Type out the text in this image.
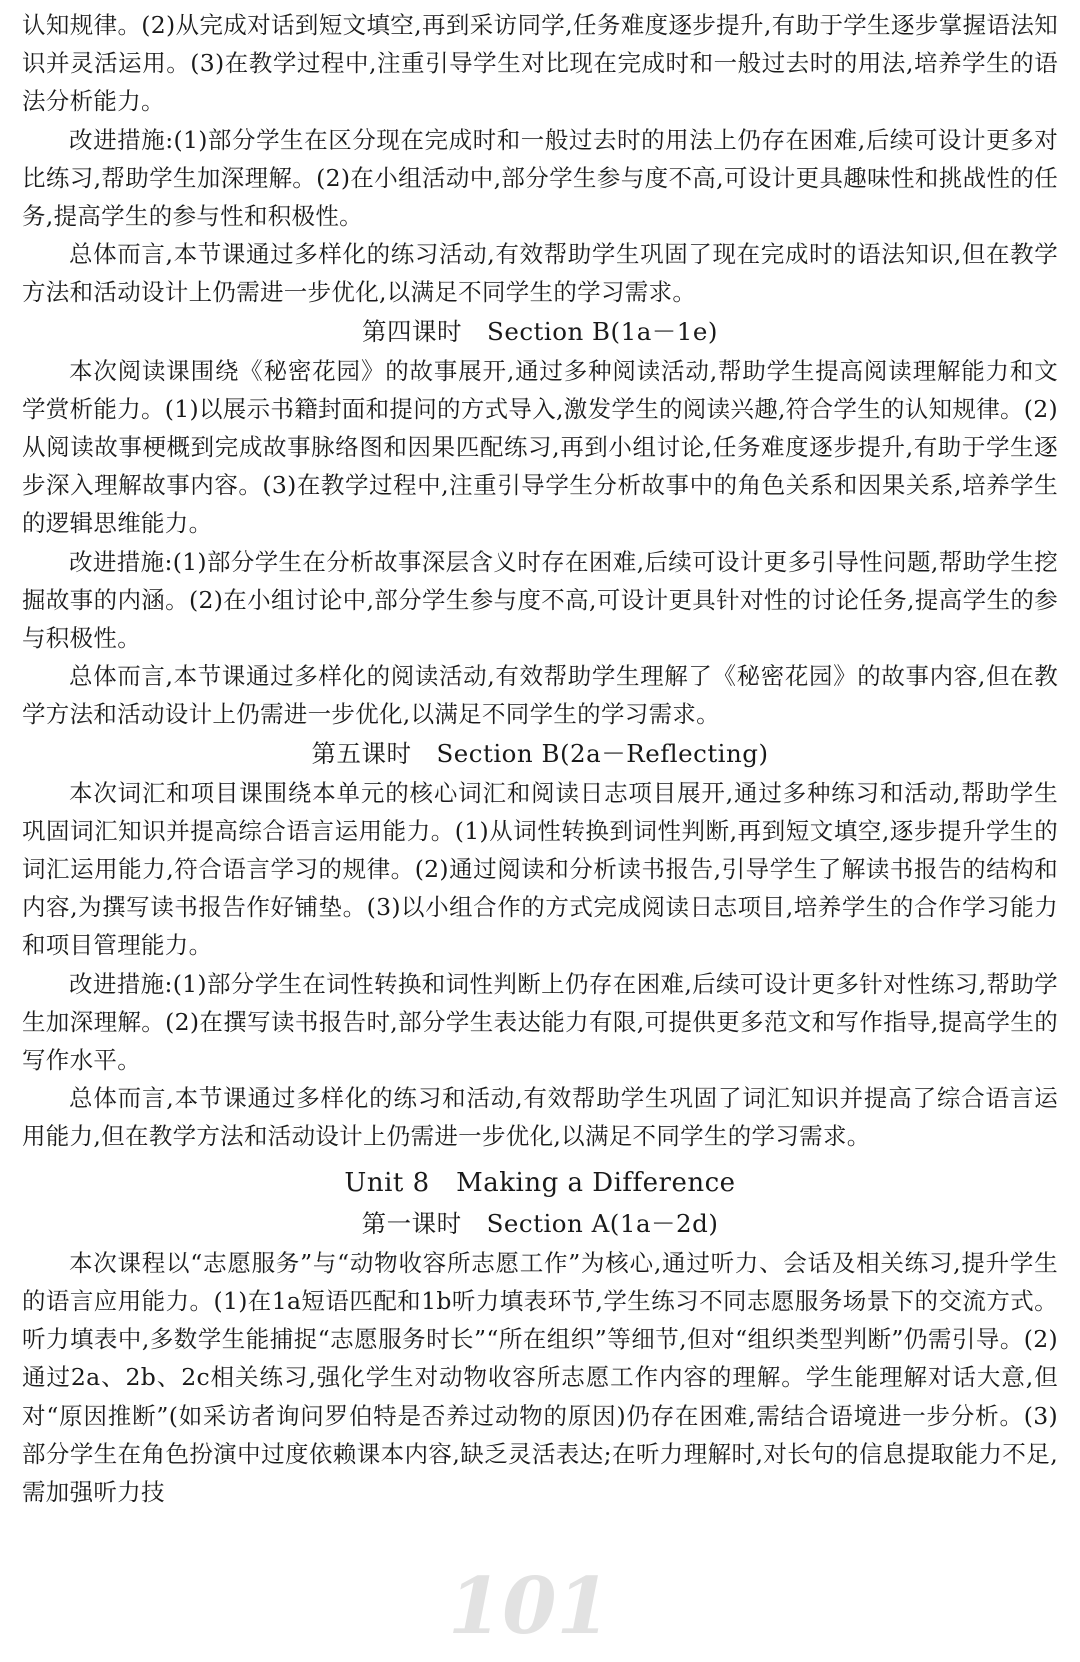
101

认知规律。(2)从完成对话到短文填空,再到采访同学,任务难度逐步提升,有助于学生逐步掌握语法知识并灵活运用。(3)在教学过程中,注重引导学生对比现在完成时和一般过去时的用法,培养学生的语法分析能力。

改进措施:(1)部分学生在区分现在完成时和一般过去时的用法上仍存在困难,后续可设计更多对比练习,帮助学生加深理解。(2)在小组活动中,部分学生参与度不高,可设计更具趣味性和挑战性的任务,提高学生的参与性和积极性。

总体而言,本节课通过多样化的练习活动,有效帮助学生巩固了现在完成时的语法知识,但在教学方法和活动设计上仍需进一步优化,以满足不同学生的学习需求。

第四课时　Section B(1a－1e)

本次阅读课围绕《秘密花园》的故事展开,通过多种阅读活动,帮助学生提高阅读理解能力和文学赏析能力。(1)以展示书籍封面和提问的方式导入,激发学生的阅读兴趣,符合学生的认知规律。(2)从阅读故事梗概到完成故事脉络图和因果匹配练习,再到小组讨论,任务难度逐步提升,有助于学生逐步深入理解故事内容。(3)在教学过程中,注重引导学生分析故事中的角色关系和因果关系,培养学生的逻辑思维能力。

改进措施:(1)部分学生在分析故事深层含义时存在困难,后续可设计更多引导性问题,帮助学生挖掘故事的内涵。(2)在小组讨论中,部分学生参与度不高,可设计更具针对性的讨论任务,提高学生的参与积极性。

总体而言,本节课通过多样化的阅读活动,有效帮助学生理解了《秘密花园》的故事内容,但在教学方法和活动设计上仍需进一步优化,以满足不同学生的学习需求。

第五课时　Section B(2a－Reflecting)

本次词汇和项目课围绕本单元的核心词汇和阅读日志项目展开,通过多种练习和活动,帮助学生巩固词汇知识并提高综合语言运用能力。(1)从词性转换到词性判断,再到短文填空,逐步提升学生的词汇运用能力,符合语言学习的规律。(2)通过阅读和分析读书报告,引导学生了解读书报告的结构和内容,为撰写读书报告作好铺垫。(3)以小组合作的方式完成阅读日志项目,培养学生的合作学习能力和项目管理能力。

改进措施:(1)部分学生在词性转换和词性判断上仍存在困难,后续可设计更多针对性练习,帮助学生加深理解。(2)在撰写读书报告时,部分学生表达能力有限,可提供更多范文和写作指导,提高学生的写作水平。

总体而言,本节课通过多样化的练习和活动,有效帮助学生巩固了词汇知识并提高了综合语言运用能力,但在教学方法和活动设计上仍需进一步优化,以满足不同学生的学习需求。

Unit 8　Making a Difference
第一课时　Section A(1a－2d)

本次课程以“志愿服务”与“动物收容所志愿工作”为核心,通过听力、会话及相关练习,提升学生的语言应用能力。(1)在1a短语匹配和1b听力填表环节,学生练习不同志愿服务场景下的交流方式。听力填表中,多数学生能捕捉“志愿服务时长”“所在组织”等细节,但对“组织类型判断”仍需引导。(2)通过2a、2b、2c相关练习,强化学生对动物收容所志愿工作内容的理解。学生能理解对话大意,但对“原因推断”(如采访者询问罗伯特是否养过动物的原因)仍存在困难,需结合语境进一步分析。(3)部分学生在角色扮演中过度依赖课本内容,缺乏灵活表达;在听力理解时,对长句的信息提取能力不足,需加强听力技
